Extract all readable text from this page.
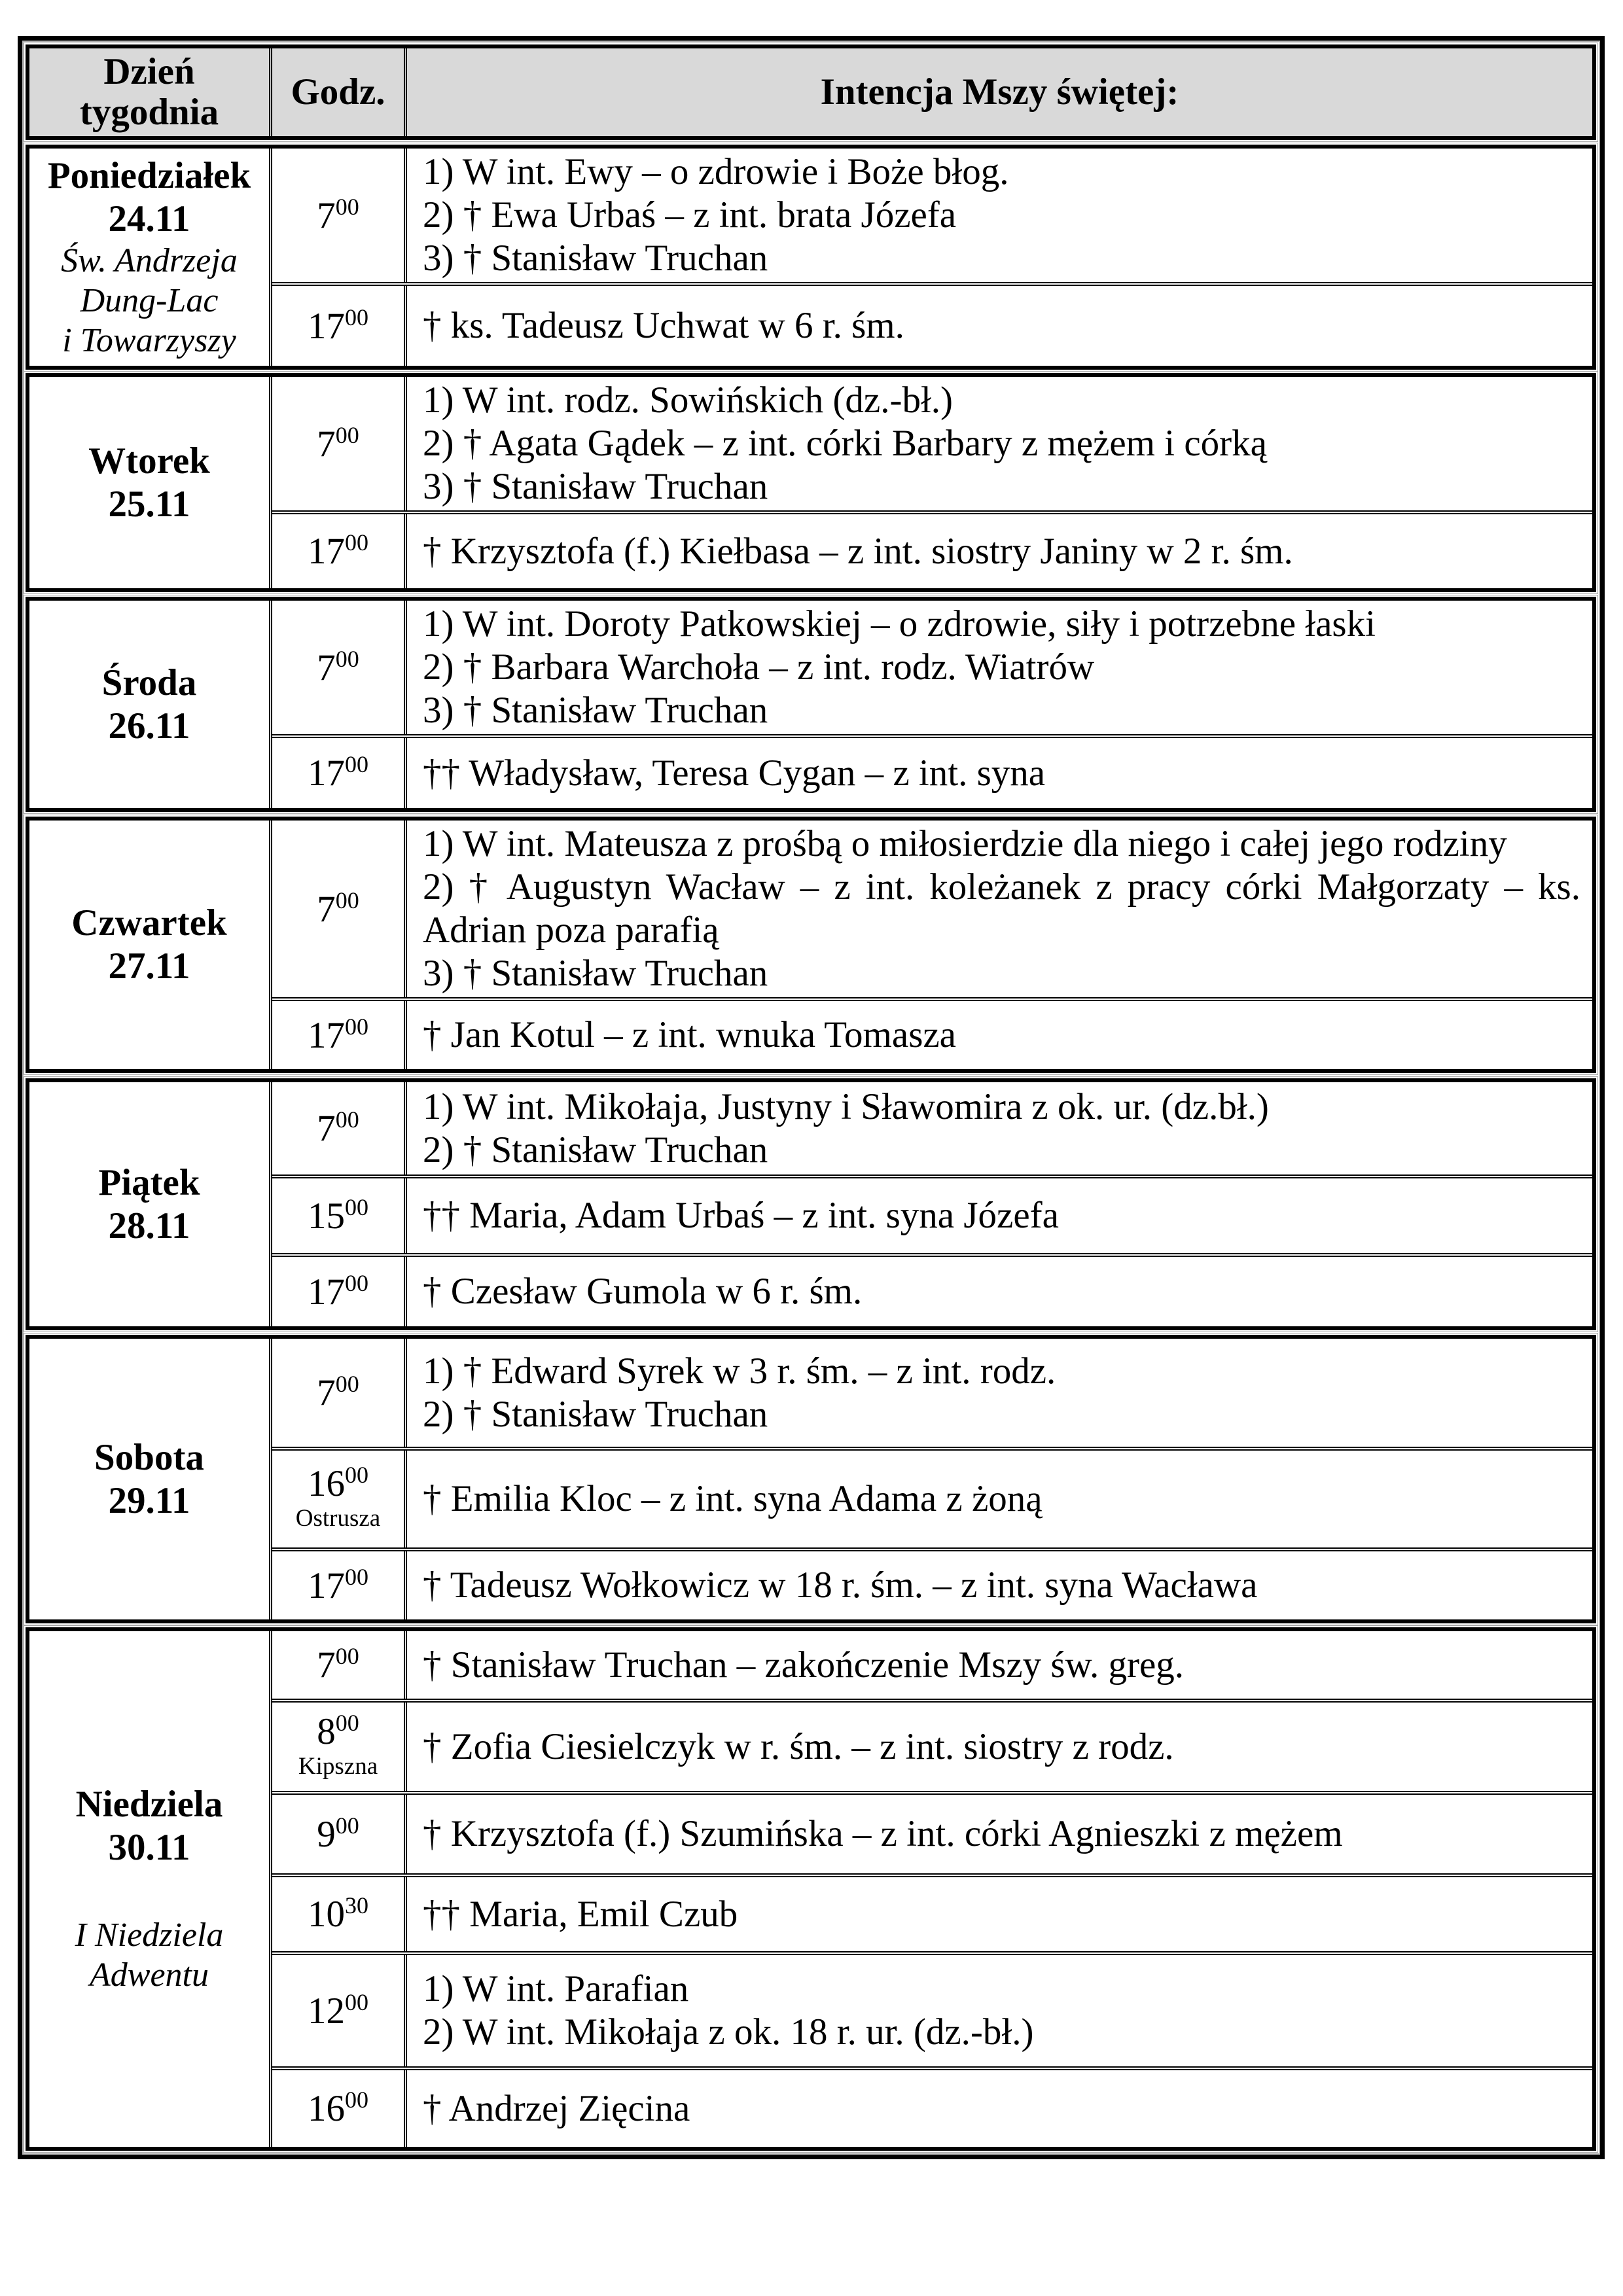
Dzień
tygodnia	Godz.	Intencja Mszy świętej:
Poniedziałek
24.11
Św. Andrzeja
Dung-Lac
i Towarzyszy
$7^{00}$
1) W int. Ewy – o zdrowie i Boże błog.
2) † Ewa Urbaś – z int. brata Józefa
3) † Stanisław Truchan
$17^{00}$ † ks. Tadeusz Uchwat w 6 r. śm.
Wtorek
25.11
$7^{00}$
1) W int. rodz. Sowińskich (dz.-bł.)
2) † Agata Gądek – z int. córki Barbary z mężem i córką
3) † Stanisław Truchan
$17^{00}$ † Krzysztofa (f.) Kiełbasa – z int. siostry Janiny w 2 r. śm.
Środa
26.11
$7^{00}$
1) W int. Doroty Patkowskiej – o zdrowie, siły i potrzebne łaski
2) † Barbara Warchoła – z int. rodz. Wiatrów
3) † Stanisław Truchan
$17^{00}$ †† Władysław, Teresa Cygan – z int. syna
Czwartek
27.11
$7^{00}$
1) W int. Mateusza z prośbą o miłosierdzie dla niego i całej jego rodziny
2) † Augustyn Wacław – z int. koleżanek z pracy córki Małgorzaty – ks. Adrian poza parafią
3) † Stanisław Truchan
$17^{00}$ † Jan Kotul – z int. wnuka Tomasza
Piątek
28.11
$7^{00}$ 1) W int. Mikołaja, Justyny i Sławomira z ok. ur. (dz.bł.)
2) † Stanisław Truchan
$15^{00}$ †† Maria, Adam Urbaś – z int. syna Józefa
$17^{00}$ † Czesław Gumola w 6 r. śm.
Sobota
29.11
$7^{00}$ 1) † Edward Syrek w 3 r. śm. – z int. rodz.
2) † Stanisław Truchan
$16^{00}$
Ostrusza † Emilia Kloc – z int. syna Adama z żoną
$17^{00}$ † Tadeusz Wołkowicz w 18 r. śm. – z int. syna Wacława
Niedziela
30.11
I Niedziela
Adwentu
$7^{00}$ † Stanisław Truchan – zakończenie Mszy św. greg.
$8^{00}$
Kipszna † Zofia Ciesielczyk w r. śm. – z int. siostry z rodz.
$9^{00}$ † Krzysztofa (f.) Szumińska – z int. córki Agnieszki z mężem
$10^{30}$ †† Maria, Emil Czub
$12^{00}$ 1) W int. Parafian
2) W int. Mikołaja z ok. 18 r. ur. (dz.-bł.)
$16^{00}$ † Andrzej Zięcina
